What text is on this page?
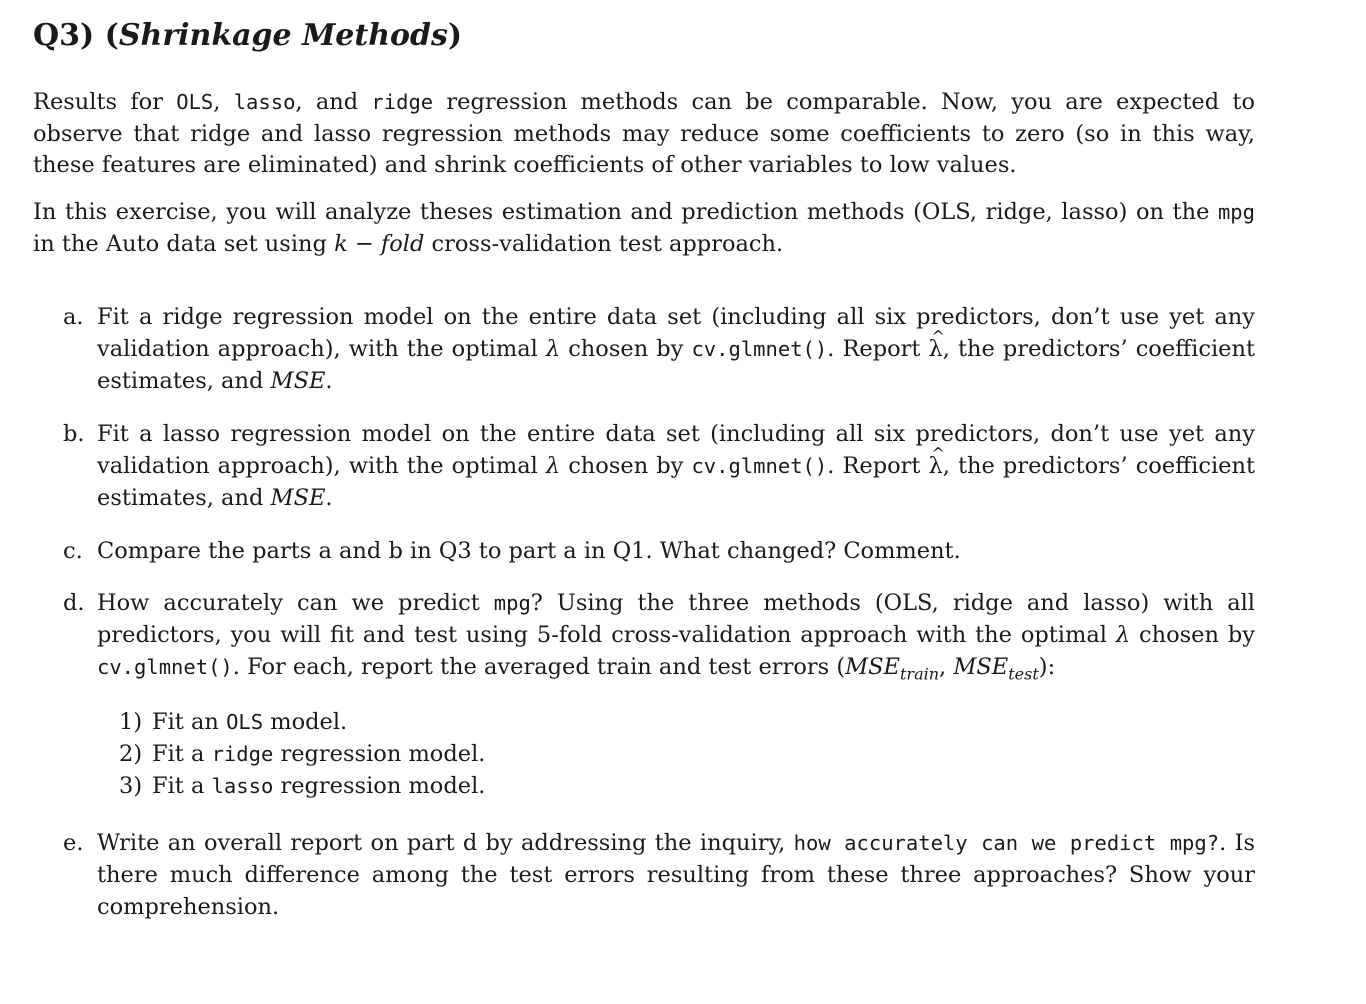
Q3) (Shrinkage Methods)
Results for OLS, lasso, and ridge regression methods can be comparable. Now, you are expected to observe that ridge and lasso regression methods may reduce some coefficients to zero (so in this way, these features are eliminated) and shrink coefficients of other variables to low values.
In this exercise, you will analyze theses estimation and prediction methods (OLS, ridge, lasso) on the mpg in the Auto data set using k − fold cross-validation test approach.
a. Fit a ridge regression model on the entire data set (including all six predictors, don’t use yet any validation approach), with the optimal λ chosen by cv.glmnet(). Report λ ^, the predictors’ coefficient estimates, and MSE.
b. Fit a lasso regression model on the entire data set (including all six predictors, don’t use yet any validation approach), with the optimal λ chosen by cv.glmnet(). Report λ ^, the predictors’ coefficient estimates, and MSE.
c. Compare the parts a and b in Q3 to part a in Q1. What changed? Comment.
d. How accurately can we predict mpg? Using the three methods (OLS, ridge and lasso) with all predictors, you will fit and test using 5-fold cross-validation approach with the optimal λ chosen by cv.glmnet(). For each, report the averaged train and test errors ($MSE_{train}$, $MSE_{test}$):
1) Fit an OLS model.
2) Fit a ridge regression model.
3) Fit a lasso regression model.
e. Write an overall report on part d by addressing the inquiry, how accurately can we predict mpg?. Is there much difference among the test errors resulting from these three approaches? Show your comprehension.
